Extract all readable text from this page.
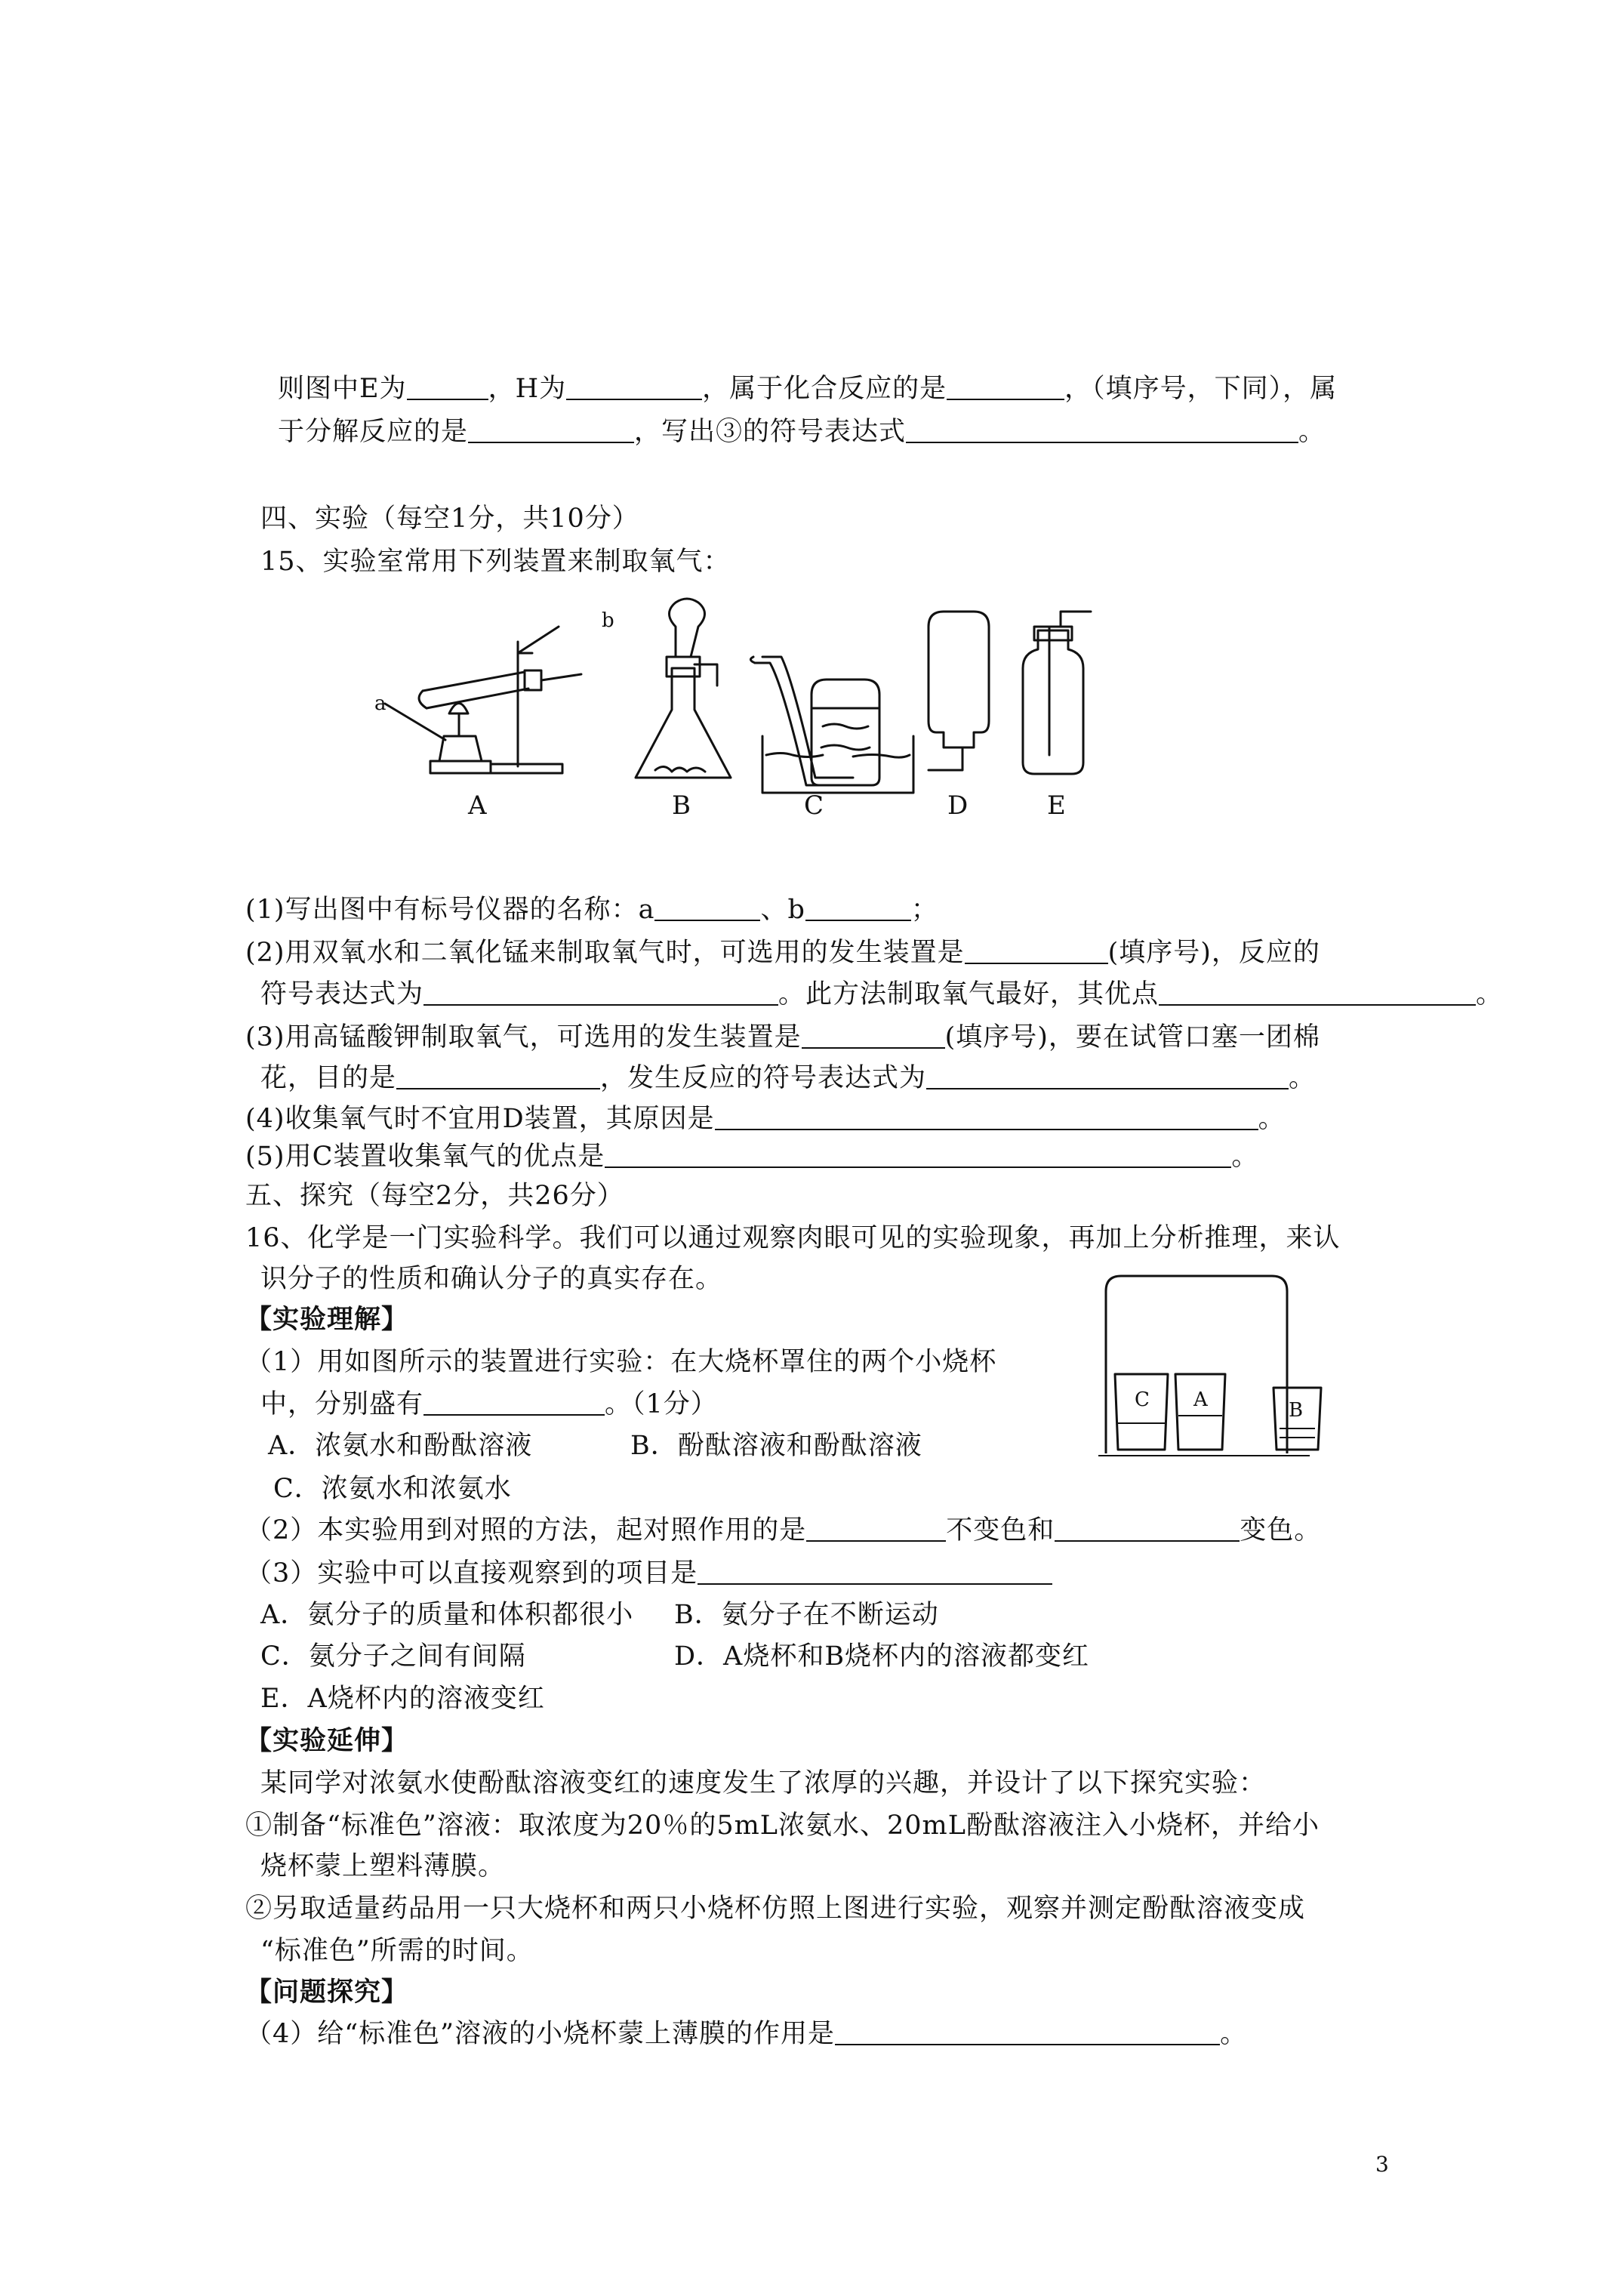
则图中E为	，H为	，属于化合反应的是	，（填序号，下同），属
于分解反应的是	，写出③的符号表达式	。
四、实验（每空1分，共10分）
15、实验室常用下列装置来制取氧气：
a
b
A	B	C	D	E
(1)写出图中有标号仪器的名称：a	、b	；
(2)用双氧水和二氧化锰来制取氧气时，可选用的发生装置是	(填序号)，反应的
符号表达式为	。此方法制取氧气最好，其优点	。
(3)用高锰酸钾制取氧气，可选用的发生装置是	(填序号)，要在试管口塞一团棉
花，目的是	，发生反应的符号表达式为	。
(4)收集氧气时不宜用D装置，其原因是	。
(5)用C装置收集氧气的优点是	。
五、探究（每空2分，共26分）
16、化学是一门实验科学。我们可以通过观察肉眼可见的实验现象，再加上分析推理，来认
识分子的性质和确认分子的真实存在。
【实验理解】
C A	B
（1）用如图所示的装置进行实验：在大烧杯罩住的两个小烧杯
中，分别盛有	。（1分）
A．浓氨水和酚酞溶液	B．酚酞溶液和酚酞溶液
C．浓氨水和浓氨水
（2）本实验用到对照的方法，起对照作用的是	不变色和	变色。
（3）实验中可以直接观察到的项目是
A．氨分子的质量和体积都很小 B．氨分子在不断运动
C．氨分子之间有间隔	D．A烧杯和B烧杯内的溶液都变红
E．A烧杯内的溶液变红
【实验延伸】
某同学对浓氨水使酚酞溶液变红的速度发生了浓厚的兴趣，并设计了以下探究实验：
①制备“标准色”溶液：取浓度为20％的5mL浓氨水、20mL酚酞溶液注入小烧杯，并给小
烧杯蒙上塑料薄膜。
②另取适量药品用一只大烧杯和两只小烧杯仿照上图进行实验，观察并测定酚酞溶液变成
“标准色”所需的时间。
【问题探究】
（4）给“标准色”溶液的小烧杯蒙上薄膜的作用是	。
3
